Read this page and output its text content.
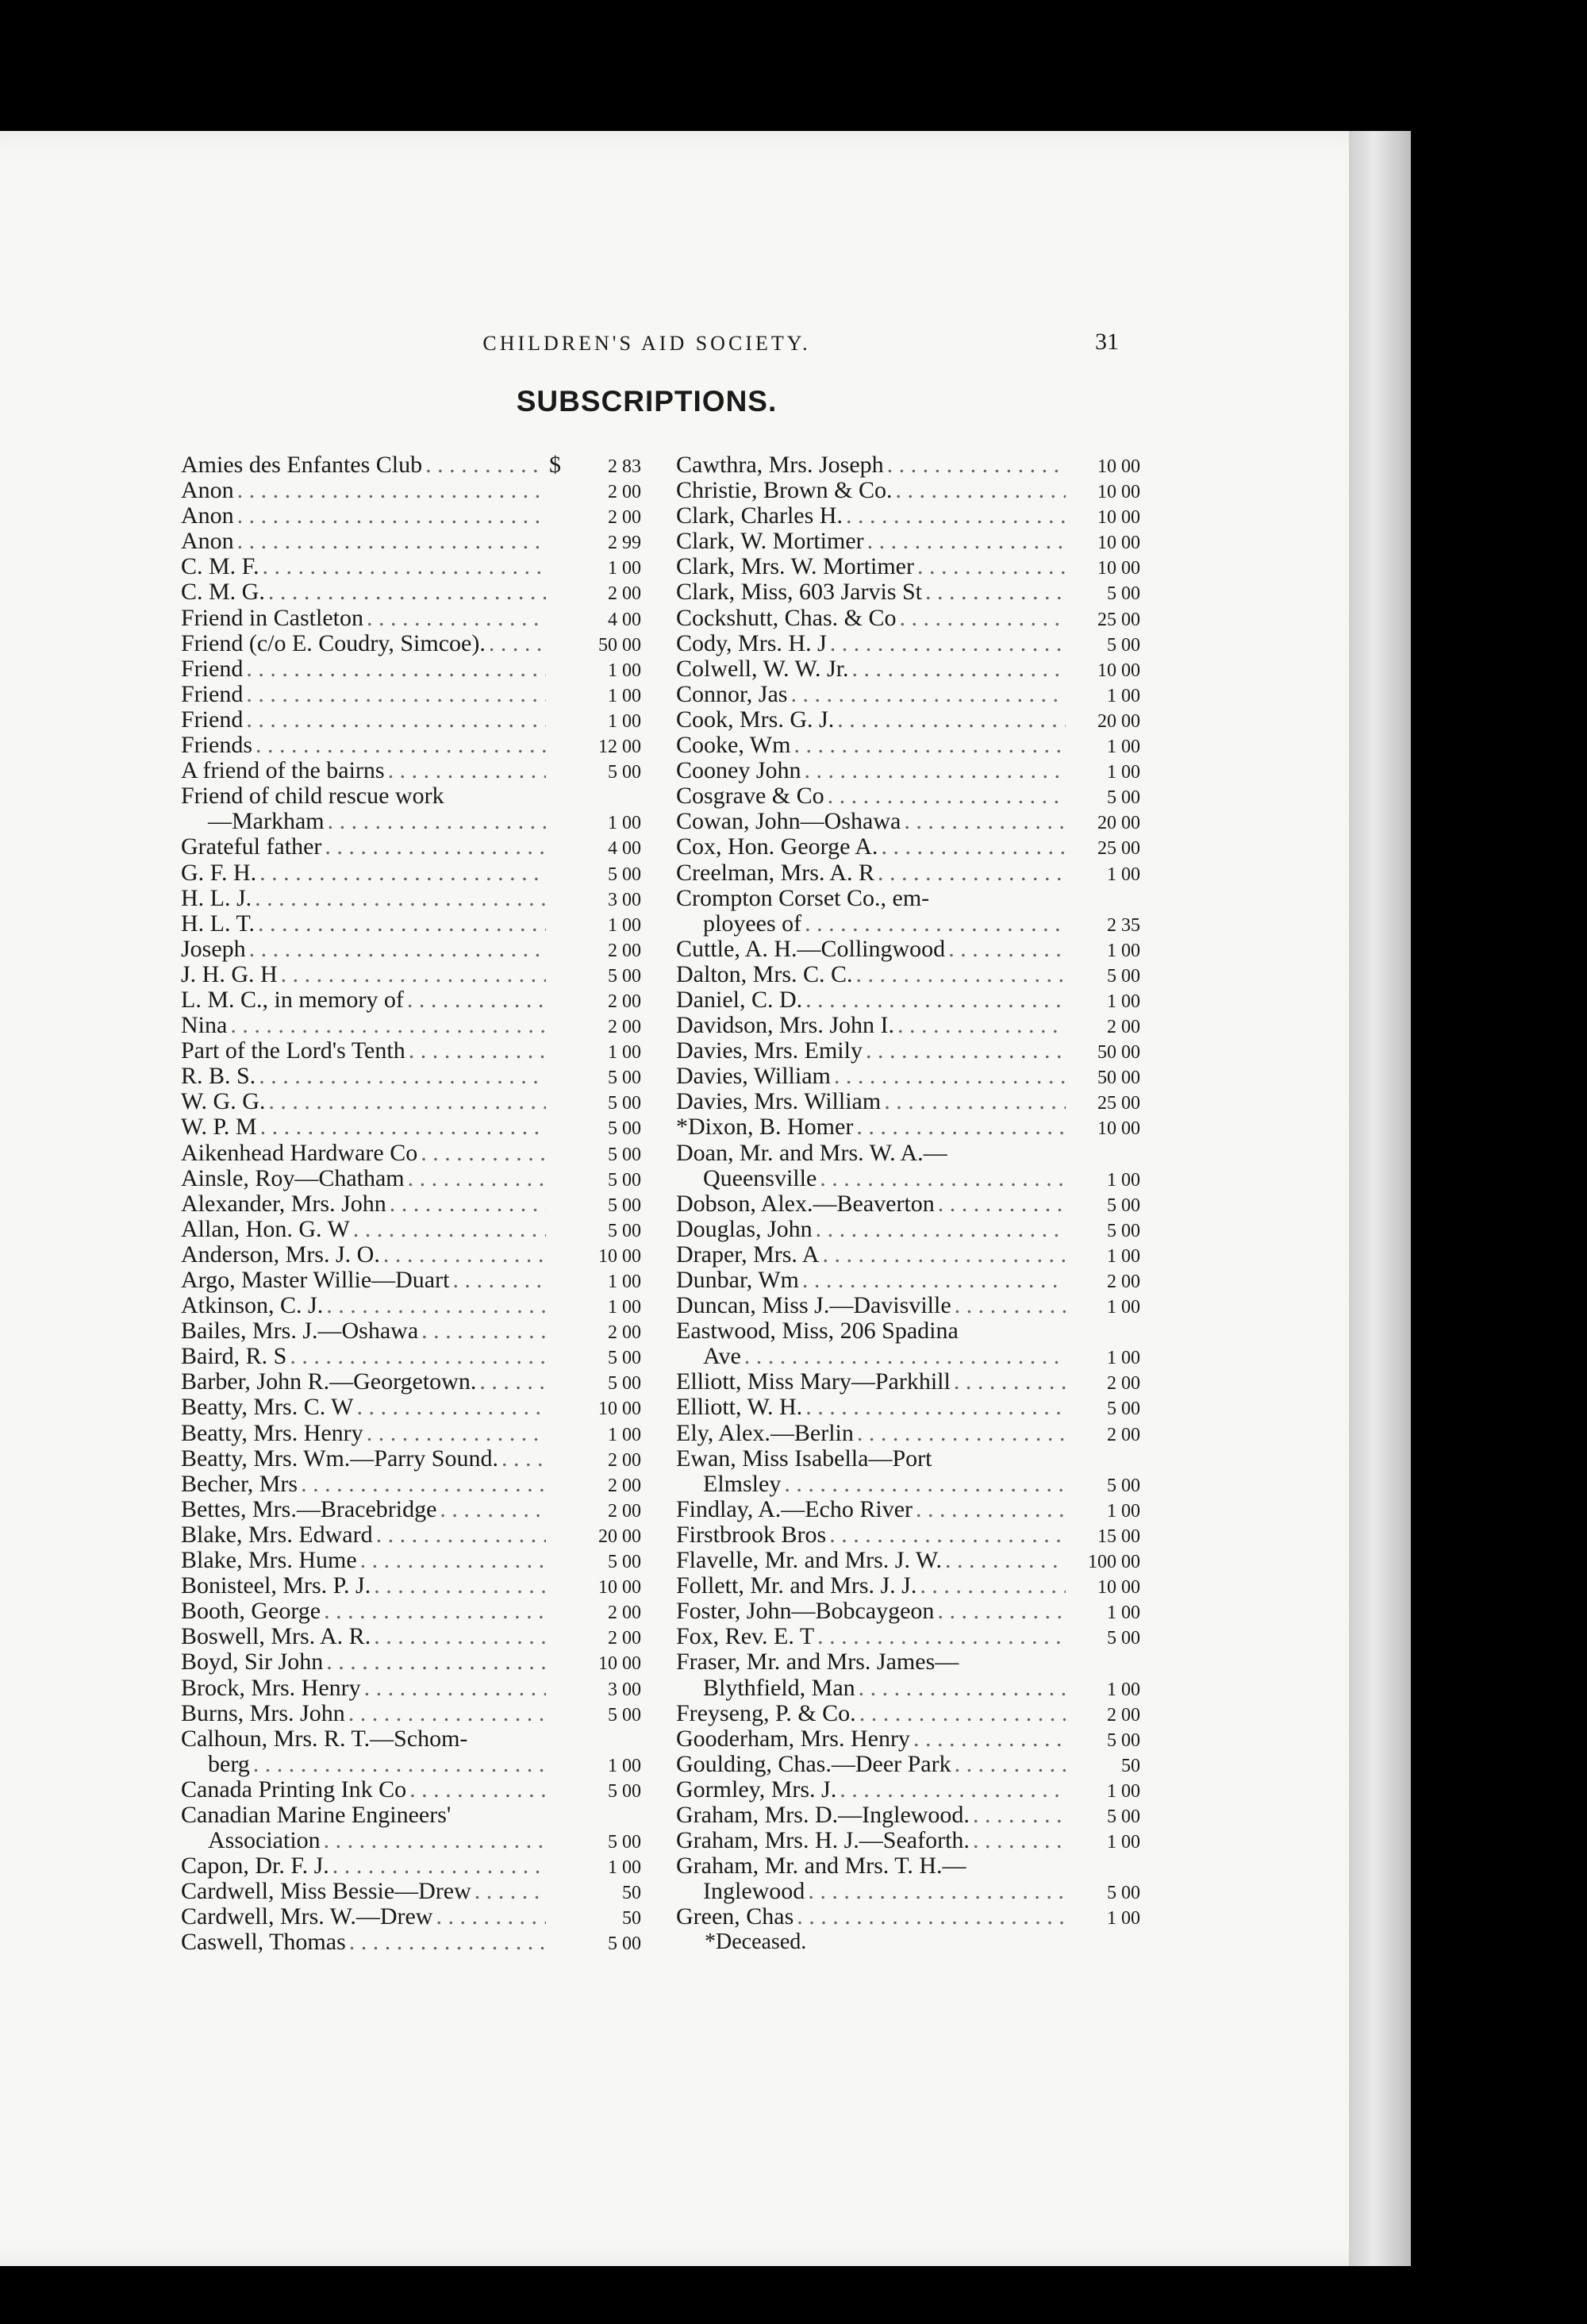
CHILDREN'S AID SOCIETY.	31
SUBSCRIPTIONS.
Amies des Enfantes Club . . .	$	2 83
Anon . . .	2 00
Anon . . .	2 00
Anon . . .	2 99
C. M. F. . . .	1 00
C. M. G. . . .	2 00
Friend in Castleton . . .	4 00
Friend (c/o E. Coudry, Simcoe). . . .	50 00
Friend . . .	1 00
Friend . . .	1 00
Friend . . .	1 00
Friends . . .	12 00
A friend of the bairns . . .	5 00
Friend of child rescue work
—Markham . . .	1 00
Grateful father . . .	4 00
G. F. H. . . .	5 00
H. L. J. . . .	3 00
H. L. T. . . .	1 00
Joseph . . .	2 00
J. H. G. H . . .	5 00
L. M. C., in memory of . . .	2 00
Nina . . .	2 00
Part of the Lord's Tenth . . .	1 00
R. B. S. . . .	5 00
W. G. G. . . .	5 00
W. P. M . . .	5 00
Aikenhead Hardware Co . . .	5 00
Ainsle, Roy—Chatham . . .	5 00
Alexander, Mrs. John . . .	5 00
Allan, Hon. G. W . . .	5 00
Anderson, Mrs. J. O. . . .	10 00
Argo, Master Willie—Duart . . .	1 00
Atkinson, C. J. . . .	1 00
Bailes, Mrs. J.—Oshawa . . .	2 00
Baird, R. S . . .	5 00
Barber, John R.—Georgetown. . . .	5 00
Beatty, Mrs. C. W . . .	10 00
Beatty, Mrs. Henry . . .	1 00
Beatty, Mrs. Wm.—Parry Sound. . . .	2 00
Becher, Mrs . . .	2 00
Bettes, Mrs.—Bracebridge . . .	2 00
Blake, Mrs. Edward . . .	20 00
Blake, Mrs. Hume . . .	5 00
Bonisteel, Mrs. P. J. . . .	10 00
Booth, George . . .	2 00
Boswell, Mrs. A. R. . . .	2 00
Boyd, Sir John . . .	10 00
Brock, Mrs. Henry . . .	3 00
Burns, Mrs. John . . .	5 00
Calhoun, Mrs. R. T.—Schom-
berg . . .	1 00
Canada Printing Ink Co . . .	5 00
Canadian Marine Engineers'
Association . . .	5 00
Capon, Dr. F. J. . . .	1 00
Cardwell, Miss Bessie—Drew . . .	50
Cardwell, Mrs. W.—Drew . . .	50
Caswell, Thomas . . .	5 00
Cawthra, Mrs. Joseph . . .	10 00
Christie, Brown & Co. . . .	10 00
Clark, Charles H. . . .	10 00
Clark, W. Mortimer . . .	10 00
Clark, Mrs. W. Mortimer . . .	10 00
Clark, Miss, 603 Jarvis St . . .	5 00
Cockshutt, Chas. & Co . . .	25 00
Cody, Mrs. H. J . . .	5 00
Colwell, W. W. Jr. . . .	10 00
Connor, Jas . . .	1 00
Cook, Mrs. G. J. . . .	20 00
Cooke, Wm . . .	1 00
Cooney John . . .	1 00
Cosgrave & Co . . .	5 00
Cowan, John—Oshawa . . .	20 00
Cox, Hon. George A. . . .	25 00
Creelman, Mrs. A. R . . .	1 00
Crompton Corset Co., em-
ployees of . . .	2 35
Cuttle, A. H.—Collingwood . . .	1 00
Dalton, Mrs. C. C. . . .	5 00
Daniel, C. D. . . .	1 00
Davidson, Mrs. John I. . . .	2 00
Davies, Mrs. Emily . . .	50 00
Davies, William . . .	50 00
Davies, Mrs. William . . .	25 00
*Dixon, B. Homer . . .	10 00
Doan, Mr. and Mrs. W. A.—
Queensville . . .	1 00
Dobson, Alex.—Beaverton . . .	5 00
Douglas, John . . .	5 00
Draper, Mrs. A . . .	1 00
Dunbar, Wm . . .	2 00
Duncan, Miss J.—Davisville . . .	1 00
Eastwood, Miss, 206 Spadina
Ave . . .	1 00
Elliott, Miss Mary—Parkhill . . .	2 00
Elliott, W. H. . . .	5 00
Ely, Alex.—Berlin . . .	2 00
Ewan, Miss Isabella—Port
Elmsley . . .	5 00
Findlay, A.—Echo River . . .	1 00
Firstbrook Bros . . .	15 00
Flavelle, Mr. and Mrs. J. W. . . .	100 00
Follett, Mr. and Mrs. J. J. . . .	10 00
Foster, John—Bobcaygeon . . .	1 00
Fox, Rev. E. T . . .	5 00
Fraser, Mr. and Mrs. James—
Blythfield, Man . . .	1 00
Freyseng, P. & Co. . . .	2 00
Gooderham, Mrs. Henry . . .	5 00
Goulding, Chas.—Deer Park . . .	50
Gormley, Mrs. J. . . .	1 00
Graham, Mrs. D.—Inglewood. . . .	5 00
Graham, Mrs. H. J.—Seaforth. . . .	1 00
Graham, Mr. and Mrs. T. H.—
Inglewood . . .	5 00
Green, Chas . . .	1 00
*Deceased.
